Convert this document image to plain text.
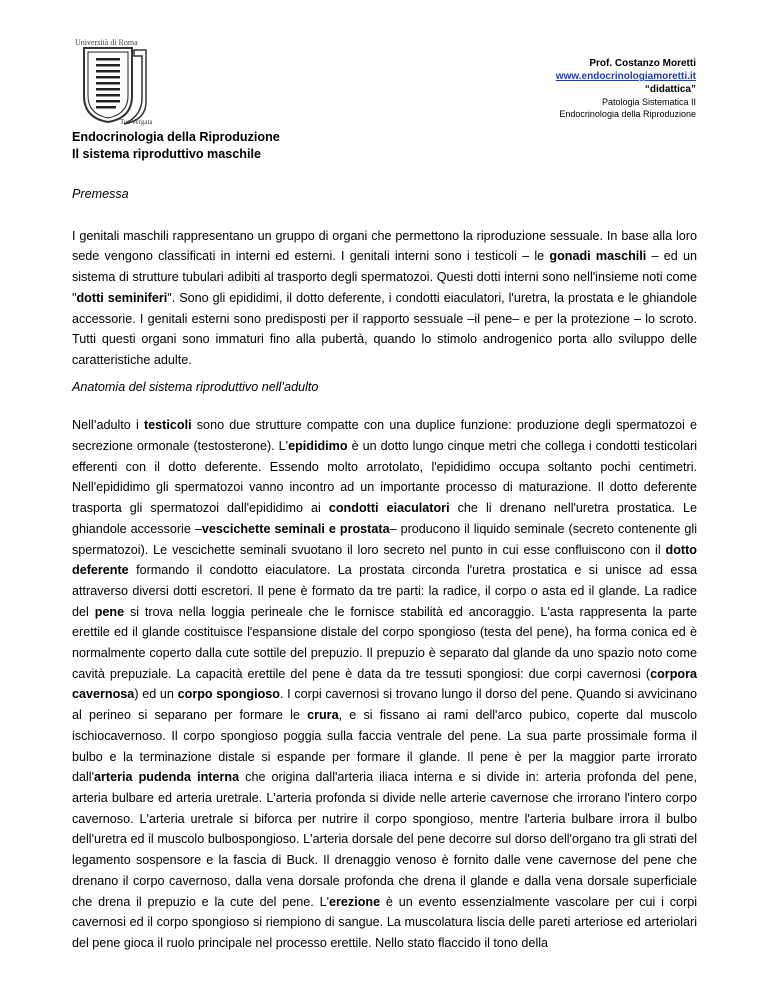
Università di Roma
Tor Vergata
Prof. Costanzo Moretti
www.endocrinologiamoretti.it
“didattica”
Patologia Sistematica II
Endocrinologia della Riproduzione
Endocrinologia della Riproduzione
Il sistema riproduttivo maschile
Premessa

I genitali maschili rappresentano un gruppo di organi che permettono la riproduzione sessuale. In base alla loro sede vengono classificati in interni ed esterni. I genitali interni sono i testicoli – le gonadi maschili – ed un sistema di strutture tubulari adibiti al trasporto degli spermatozoi. Questi dotti interni sono nell'insieme noti come "dotti seminiferi". Sono gli epididimi, il dotto deferente, i condotti eiaculatori, l'uretra, la prostata e le ghiandole accessorie. I genitali esterni sono predisposti per il rapporto sessuale –il pene– e per la protezione – lo scroto. Tutti questi organi sono immaturi fino alla pubertà, quando lo stimolo androgenico porta allo sviluppo delle caratteristiche adulte.

Anatomia del sistema riproduttivo nell’adulto

Nell’adulto i testicoli sono due strutture compatte con una duplice funzione: produzione degli spermatozoi e secrezione ormonale (testosterone). L'epididimo è un dotto lungo cinque metri che collega i condotti testicolari efferenti con il dotto deferente. Essendo molto arrotolato, l'epididimo occupa soltanto pochi centimetri. Nell'epididimo gli spermatozoi vanno incontro ad un importante processo di maturazione. Il dotto deferente trasporta gli spermatozoi dall'epididimo ai condotti eiaculatori che li drenano nell'uretra prostatica. Le ghiandole accessorie –vescichette seminali e prostata– producono il liquido seminale (secreto contenente gli spermatozoi). Le vescichette seminali svuotano il loro secreto nel punto in cui esse confluiscono con il dotto deferente formando il condotto eiaculatore. La prostata circonda l'uretra prostatica e si unisce ad essa attraverso diversi dotti escretori. Il pene è formato da tre parti: la radice, il corpo o asta ed il glande. La radice del pene si trova nella loggia perineale che le fornisce stabilità ed ancoraggio. L'asta rappresenta la parte erettile ed il glande costituisce l'espansione distale del corpo spongioso (testa del pene), ha forma conica ed è normalmente coperto dalla cute sottile del prepuzio. Il prepuzio è separato dal glande da uno spazio noto come cavità prepuziale. La capacità erettile del pene è data da tre tessuti spongiosi: due corpi cavernosi (corpora cavernosa) ed un corpo spongioso. I corpi cavernosi si trovano lungo il dorso del pene. Quando si avvicinano al perineo si separano per formare le crura, e si fissano ai rami dell'arco pubico, coperte dal muscolo ischiocavernoso. Il corpo spongioso poggia sulla faccia ventrale del pene. La sua parte prossimale forma il bulbo e la terminazione distale si espande per formare il glande. Il pene è per la maggior parte irrorato dall'arteria pudenda interna che origina dall'arteria iliaca interna e si divide in: arteria profonda del pene, arteria bulbare ed arteria uretrale. L'arteria profonda si divide nelle arterie cavernose che irrorano l'intero corpo cavernoso. L'arteria uretrale si biforca per nutrire il corpo spongioso, mentre l'arteria bulbare irrora il bulbo dell'uretra ed il muscolo bulbospongioso. L'arteria dorsale del pene decorre sul dorso dell'organo tra gli strati del legamento sospensore e la fascia di Buck. Il drenaggio venoso è fornito dalle vene cavernose del pene che drenano il corpo cavernoso, dalla vena dorsale profonda che drena il glande e dalla vena dorsale superficiale che drena il prepuzio e la cute del pene. L'erezione è un evento essenzialmente vascolare per cui i corpi cavernosi ed il corpo spongioso si riempiono di sangue. La muscolatura liscia delle pareti arteriose ed arteriolari del pene gioca il ruolo principale nel processo erettile. Nello stato flaccido il tono della
